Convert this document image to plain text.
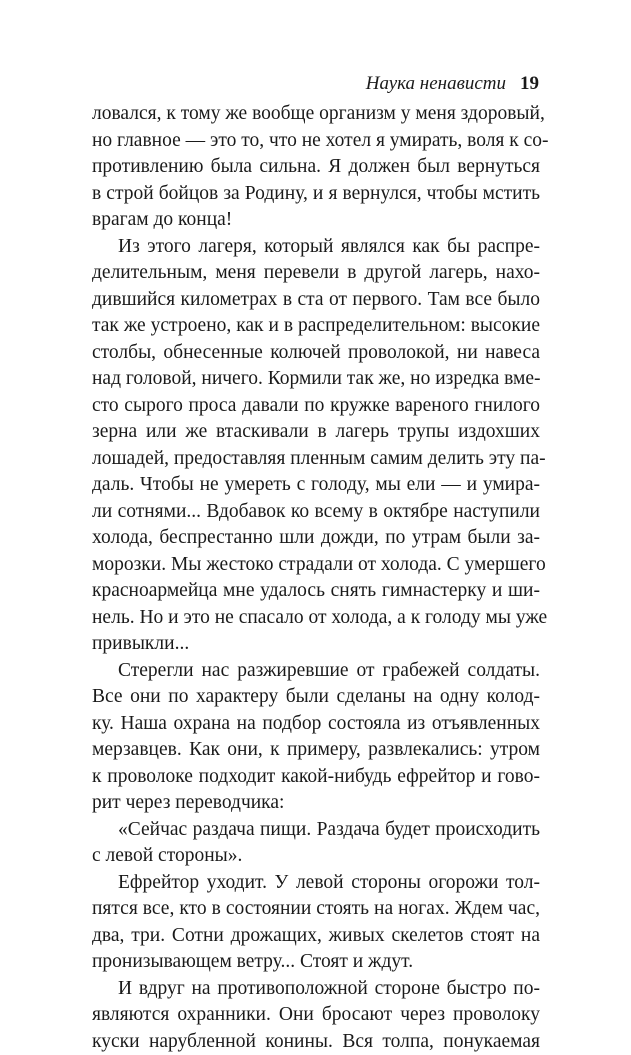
Наука ненависти 19
ловался, к тому же вообще организм у меня здоровый,
но главное — это то, что не хотел я умирать, воля к со-
противлению была сильна. Я должен был вернуться
в строй бойцов за Родину, и я вернулся, чтобы мстить
врагам до конца!
Из этого лагеря, который являлся как бы распре-
делительным, меня перевели в другой лагерь, нахо-
дившийся километрах в ста от первого. Там все было
так же устроено, как и в распределительном: высокие
столбы, обнесенные колючей проволокой, ни навеса
над головой, ничего. Кормили так же, но изредка вме-
сто сырого проса давали по кружке вареного гнилого
зерна или же втаскивали в лагерь трупы издохших
лошадей, предоставляя пленным самим делить эту па-
даль. Чтобы не умереть с голоду, мы ели — и умира-
ли сотнями... Вдобавок ко всему в октябре наступили
холода, беспрестанно шли дожди, по утрам были за-
морозки. Мы жестоко страдали от холода. С умершего
красноармейца мне удалось снять гимнастерку и ши-
нель. Но и это не спасало от холода, а к голоду мы уже
привыкли...
Стерегли нас разжиревшие от грабежей солдаты.
Все они по характеру были сделаны на одну колод-
ку. Наша охрана на подбор состояла из отъявленных
мерзавцев. Как они, к примеру, развлекались: утром
к проволоке подходит какой-нибудь ефрейтор и гово-
рит через переводчика:
«Сейчас раздача пищи. Раздача будет происходить
с левой стороны».
Ефрейтор уходит. У левой стороны огорожи тол-
пятся все, кто в состоянии стоять на ногах. Ждем час,
два, три. Сотни дрожащих, живых скелетов стоят на
пронизывающем ветру... Стоят и ждут.
И вдруг на противоположной стороне быстро по-
являются охранники. Они бросают через проволоку
куски нарубленной конины. Вся толпа, понукаемая
